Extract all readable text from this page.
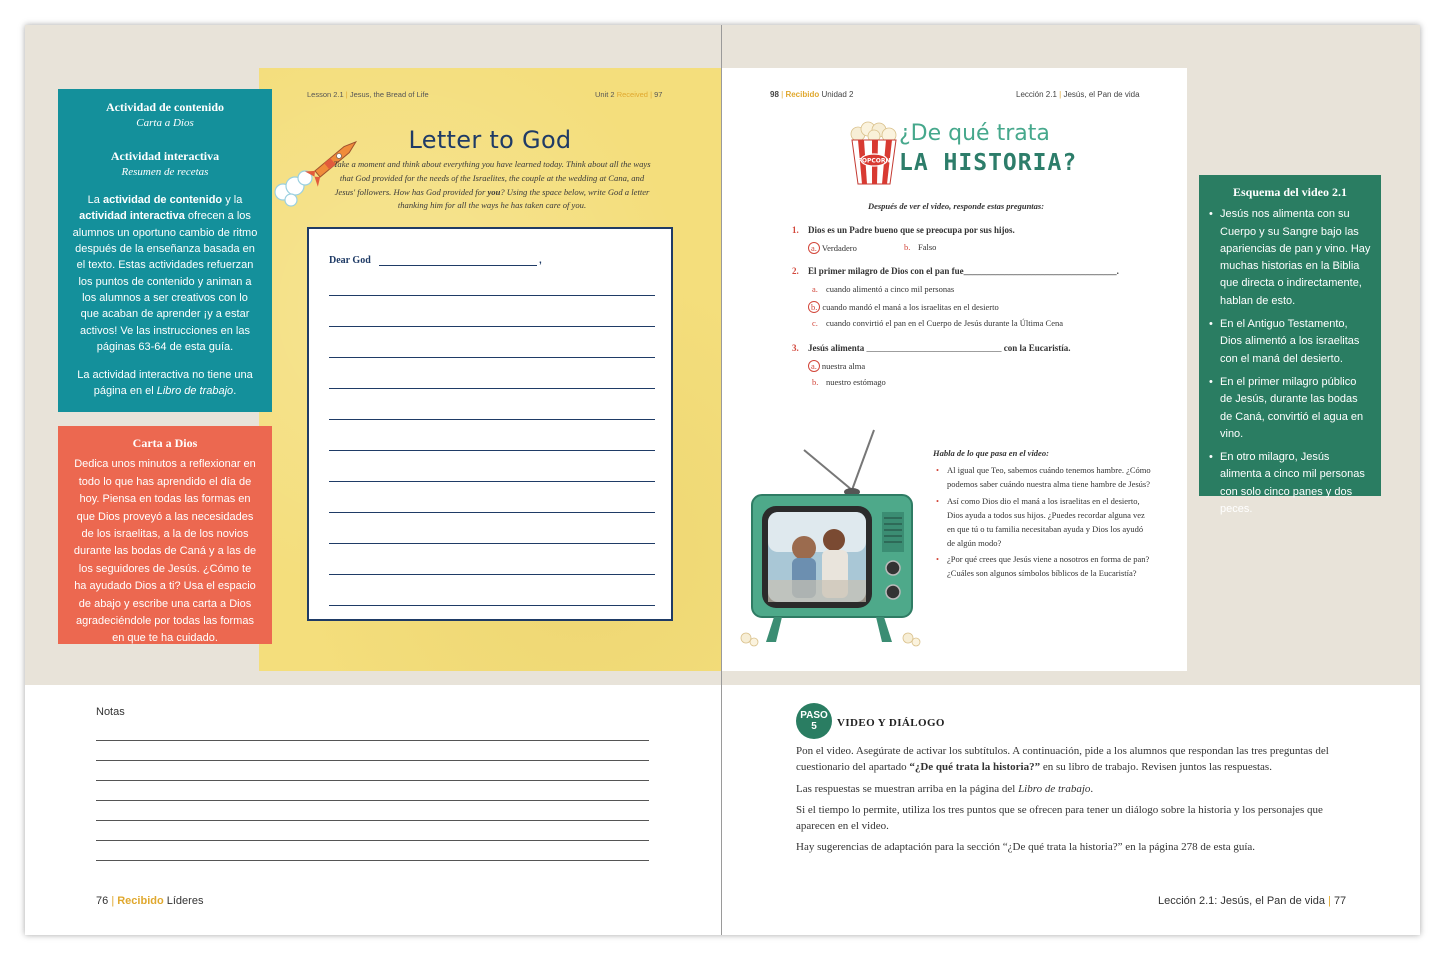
Lesson 2.1 | Jesus, the Bread of Life	Unit 2 Received | 97
Letter to God
Take a moment and think about everything you have learned today. Think about all the ways that God provided for the needs of the Israelites, the couple at the wedding at Cana, and Jesus' followers. How has God provided for you? Using the space below, write God a letter thanking him for all the ways he has taken care of you.
Dear God	,
Actividad de contenido
Carta a Dios
Actividad interactiva
Resumen de recetas

La actividad de contenido y la actividad interactiva ofrecen a los alumnos un oportuno cambio de ritmo después de la enseñanza basada en el texto. Estas actividades refuerzan los puntos de contenido y animan a los alumnos a ser creativos con lo que acaban de aprender ¡y a estar activos! Ve las instrucciones en las páginas 63-64 de esta guía.

La actividad interactiva no tiene una página en el Libro de trabajo.

Carta a Dios
Dedica unos minutos a reflexionar en todo lo que has aprendido el día de hoy. Piensa en todas las formas en que Dios proveyó a las necesidades de los israelitas, a la de los novios durante las bodas de Caná y a las de los seguidores de Jesús. ¿Cómo te ha ayudado Dios a ti? Usa el espacio de abajo y escribe una carta a Dios agradeciéndole por todas las formas en que te ha cuidado.
98 | Recibido Unidad 2	Lección 2.1 | Jesús, el Pan de vida
POPCORN
¿De qué trata
LA HISTORIA?
Después de ver el video, responde estas preguntas:
1. Dios es un Padre bueno que se preocupa por sus hijos.
a. Verdadero	b. Falso
2. El primer milagro de Dios con el pan fue__________________________________.
a. cuando alimentó a cinco mil personas
b. cuando mandó el maná a los israelitas en el desierto
c. cuando convirtió el pan en el Cuerpo de Jesús durante la Última Cena
3. Jesús alimenta ______________________________ con la Eucaristía.
a. nuestra alma
b. nuestro estómago
Habla de lo que pasa en el video:
• Al igual que Teo, sabemos cuándo tenemos hambre. ¿Cómo podemos saber cuándo nuestra alma tiene hambre de Jesús?
• Así como Dios dio el maná a los israelitas en el desierto, Dios ayuda a todos sus hijos. ¿Puedes recordar alguna vez en que tú o tu familia necesitaban ayuda y Dios los ayudó de algún modo?
• ¿Por qué crees que Jesús viene a nosotros en forma de pan? ¿Cuáles son algunos símbolos bíblicos de la Eucaristía?
Esquema del video 2.1
• Jesús nos alimenta con su Cuerpo y su Sangre bajo las apariencias de pan y vino. Hay muchas historias en la Biblia que directa o indirectamente, hablan de esto.
• En el Antiguo Testamento, Dios alimentó a los israelitas con el maná del desierto.
• En el primer milagro público de Jesús, durante las bodas de Caná, convirtió el agua en vino.
• En otro milagro, Jesús alimenta a cinco mil personas con solo cinco panes y dos peces.
Notas
76 | Recibido Líderes
PASO
5	VIDEO Y DIÁLOGO

Pon el video. Asegúrate de activar los subtítulos. A continuación, pide a los alumnos que respondan las tres preguntas del cuestionario del apartado “¿De qué trata la historia?” en su libro de trabajo. Revisen juntos las respuestas.

Las respuestas se muestran arriba en la página del Libro de trabajo.

Si el tiempo lo permite, utiliza los tres puntos que se ofrecen para tener un diálogo sobre la historia y los personajes que aparecen en el video.

Hay sugerencias de adaptación para la sección “¿De qué trata la historia?” en la página 278 de esta guía.

Lección 2.1: Jesús, el Pan de vida | 77
